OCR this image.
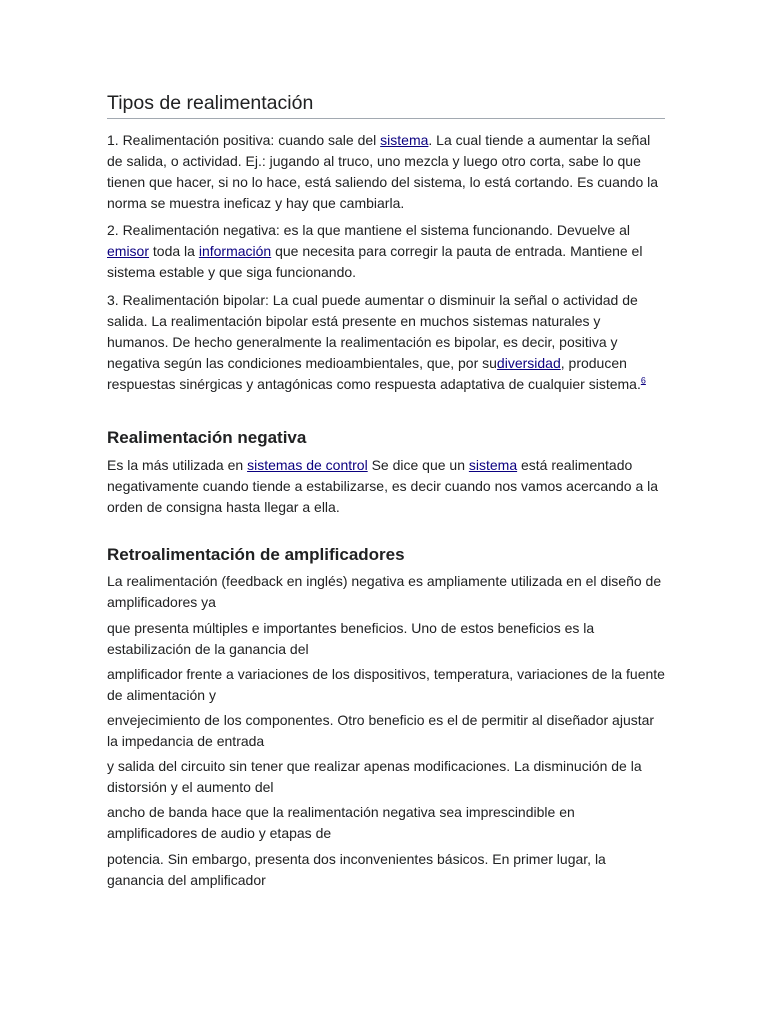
Tipos de realimentación

1. Realimentación positiva: cuando sale del sistema. La cual tiende a aumentar la señal de salida, o actividad. Ej.: jugando al truco, uno mezcla y luego otro corta, sabe lo que tienen que hacer, si no lo hace, está saliendo del sistema, lo está cortando. Es cuando la norma se muestra ineficaz y hay que cambiarla.

2. Realimentación negativa: es la que mantiene el sistema funcionando. Devuelve al emisor toda la información que necesita para corregir la pauta de entrada. Mantiene el sistema estable y que siga funcionando.

3. Realimentación bipolar: La cual puede aumentar o disminuir la señal o actividad de salida. La realimentación bipolar está presente en muchos sistemas naturales y humanos. De hecho generalmente la realimentación es bipolar, es decir, positiva y negativa según las condiciones medioambientales, que, por sudiversidad, producen respuestas sinérgicas y antagónicas como respuesta adaptativa de cualquier sistema.$^6$

Realimentación negativa

Es la más utilizada en sistemas de control Se dice que un sistema está realimentado negativamente cuando tiende a estabilizarse, es decir cuando nos vamos acercando a la orden de consigna hasta llegar a ella.

Retroalimentación de amplificadores

La realimentación (feedback en inglés) negativa es ampliamente utilizada en el diseño de amplificadores ya

que presenta múltiples e importantes beneficios. Uno de estos beneficios es la estabilización de la ganancia del

amplificador frente a variaciones de los dispositivos, temperatura, variaciones de la fuente de alimentación y

envejecimiento de los componentes. Otro beneficio es el de permitir al diseñador ajustar la impedancia de entrada

y salida del circuito sin tener que realizar apenas modificaciones. La disminución de la distorsión y el aumento del

ancho de banda hace que la realimentación negativa sea imprescindible en amplificadores de audio y etapas de

potencia. Sin embargo, presenta dos inconvenientes básicos. En primer lugar, la ganancia del amplificador
